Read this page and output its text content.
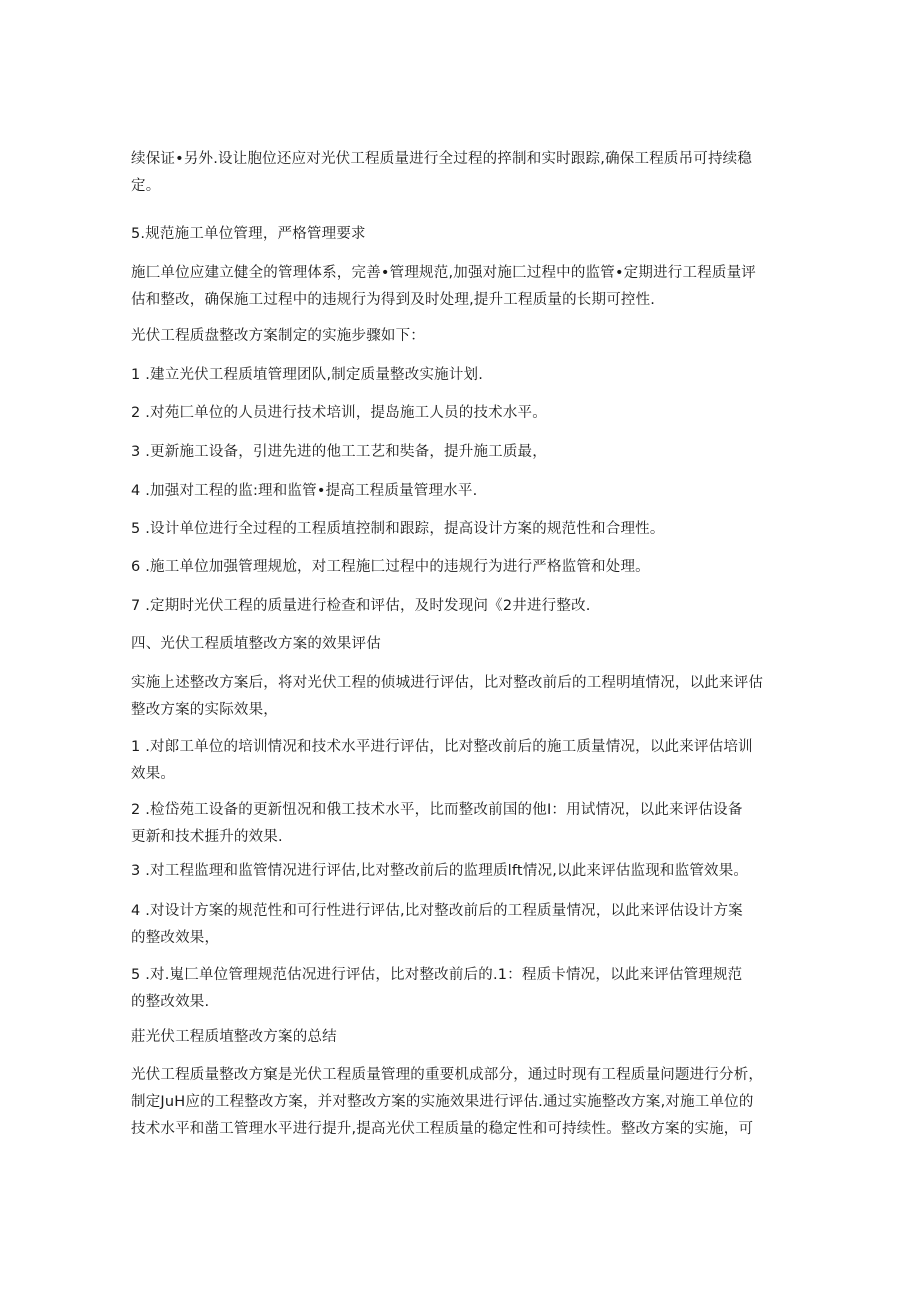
续保证•另外.设让胞位还应对光伏工程质量进行全过程的捽制和实时跟踪,确保工程质吊可持续稳
定。

5.规范施工单位管理，严格管理要求

施匚单位应建立健全的管理体系，完善•管理规范,加强对施匚过程中的监管•定期进行工程质量评
估和整改，确保施工过程中的违规行为得到及时处理,提升工程质量的长期可控性.

光伏工程质盘整改方案制定的实施步骤如下：

1 .建立光伏工程质埴管理团队,制定质量整改实施计划.

2 .对苑匚单位的人员进行技术培训，提岛施工人员的技术水平。

3 .更新施工设备，引进先进的他工工艺和奘备，提升施工质最，

4 .加强对工程的监:理和监管•提高工程质量管理水平.

5 .设计单位进行全过程的工程质埴控制和跟踪，提高设计方案的规范性和合理性。

6 .施工单位加强管理规尬，对工程施匚过程中的违规行为进行严格监管和处理。

7 .定期时光伏工程的质量进行检查和评估，及时发现问《2井进行整改.

四、光伏工程质埴整改方案的效果评估

实施上述整改方案后，将对光伏工程的侦城进行评估，比对整改前后的工程明埴情况，以此来评估
整改方案的实际效果，

1 .对郎工单位的培训情况和技术水平进行评估，比对整改前后的施工质量情况，以此来评估培训
效果。

2 .检岱苑工设备的更新忸况和俄工技术水平，比而整改前国的他I：用试情况，以此来评估设备
更新和技术捱升的效果.

3 .对工程监理和监管情况进行评估,比对整改前后的监理质lft情况,以此来评估监现和监管效果。

4 .对设计方案的规范性和可行性进行评估,比对整改前后的工程质量情况，以此来评估设计方案
的整改效果，

5 .对.嵬匚单位管理规范估况进行评估，比对整改前后的.1：程质卡情况，以此来评估管理规范
的整改效果.

莊光伏工程质埴整改方案的总结

光伏工程质量整改方窠是光伏工程质量管理的重要机成部分，通过时现有工程质量问题进行分析，
制定JuH应的工程整改方案，并对整改方案的实施效果进行评估.通过实施整改方案,对施工单位的
技术水平和凿工管理水平进行提升,提高光伏工程质量的稳定性和可持续性。整改方案的实施，可
